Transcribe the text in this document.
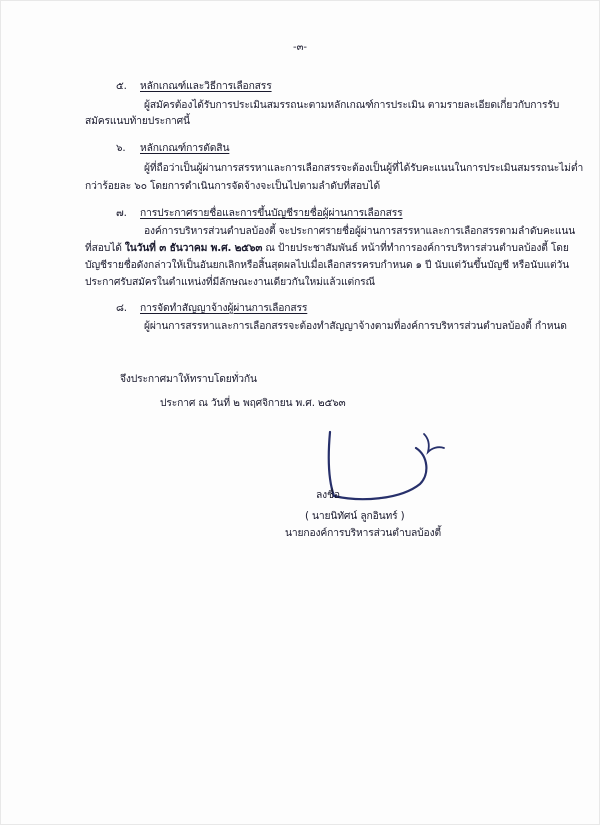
-๓-
๕. หลักเกณฑ์และวิธีการเลือกสรร
ผู้สมัครต้องได้รับการประเมินสมรรถนะตามหลักเกณฑ์การประเมิน ตามรายละเอียดเกี่ยวกับการรับ
สมัครแนบท้ายประกาศนี้
๖. หลักเกณฑ์การตัดสิน
ผู้ที่ถือว่าเป็นผู้ผ่านการสรรหาและการเลือกสรรจะต้องเป็นผู้ที่ได้รับคะแนนในการประเมินสมรรถนะไม่ต่ำ
กว่าร้อยละ ๖๐ โดยการดำเนินการจัดจ้างจะเป็นไปตามลำดับที่สอบได้
๗. การประกาศรายชื่อและการขึ้นบัญชีรายชื่อผู้ผ่านการเลือกสรร
องค์การบริหารส่วนตำบลบ้องตี้ จะประกาศรายชื่อผู้ผ่านการสรรหาและการเลือกสรรตามลำดับคะแนน
ที่สอบได้ ในวันที่ ๓ ธันวาคม พ.ศ. ๒๕๖๓ ณ ป้ายประชาสัมพันธ์ หน้าที่ทำการองค์การบริหารส่วนตำบลบ้องตี้ โดย
บัญชีรายชื่อดังกล่าวให้เป็นอันยกเลิกหรือสิ้นสุดผลไปเมื่อเลือกสรรครบกำหนด ๑ ปี นับแต่วันขึ้นบัญชี หรือนับแต่วัน
ประกาศรับสมัครในตำแหน่งที่มีลักษณะงานเดียวกันใหม่แล้วแต่กรณี
๘. การจัดทำสัญญาจ้างผู้ผ่านการเลือกสรร
ผู้ผ่านการสรรหาและการเลือกสรรจะต้องทำสัญญาจ้างตามที่องค์การบริหารส่วนตำบลบ้องตี้ กำหนด
จึงประกาศมาให้ทราบโดยทั่วกัน
ประกาศ ณ วันที่ ๒ พฤศจิกายน พ.ศ. ๒๕๖๓
ลงชื่อ
( นายนิทัศน์ ลูกอินทร์ )
นายกองค์การบริหารส่วนตำบลบ้องตี้
